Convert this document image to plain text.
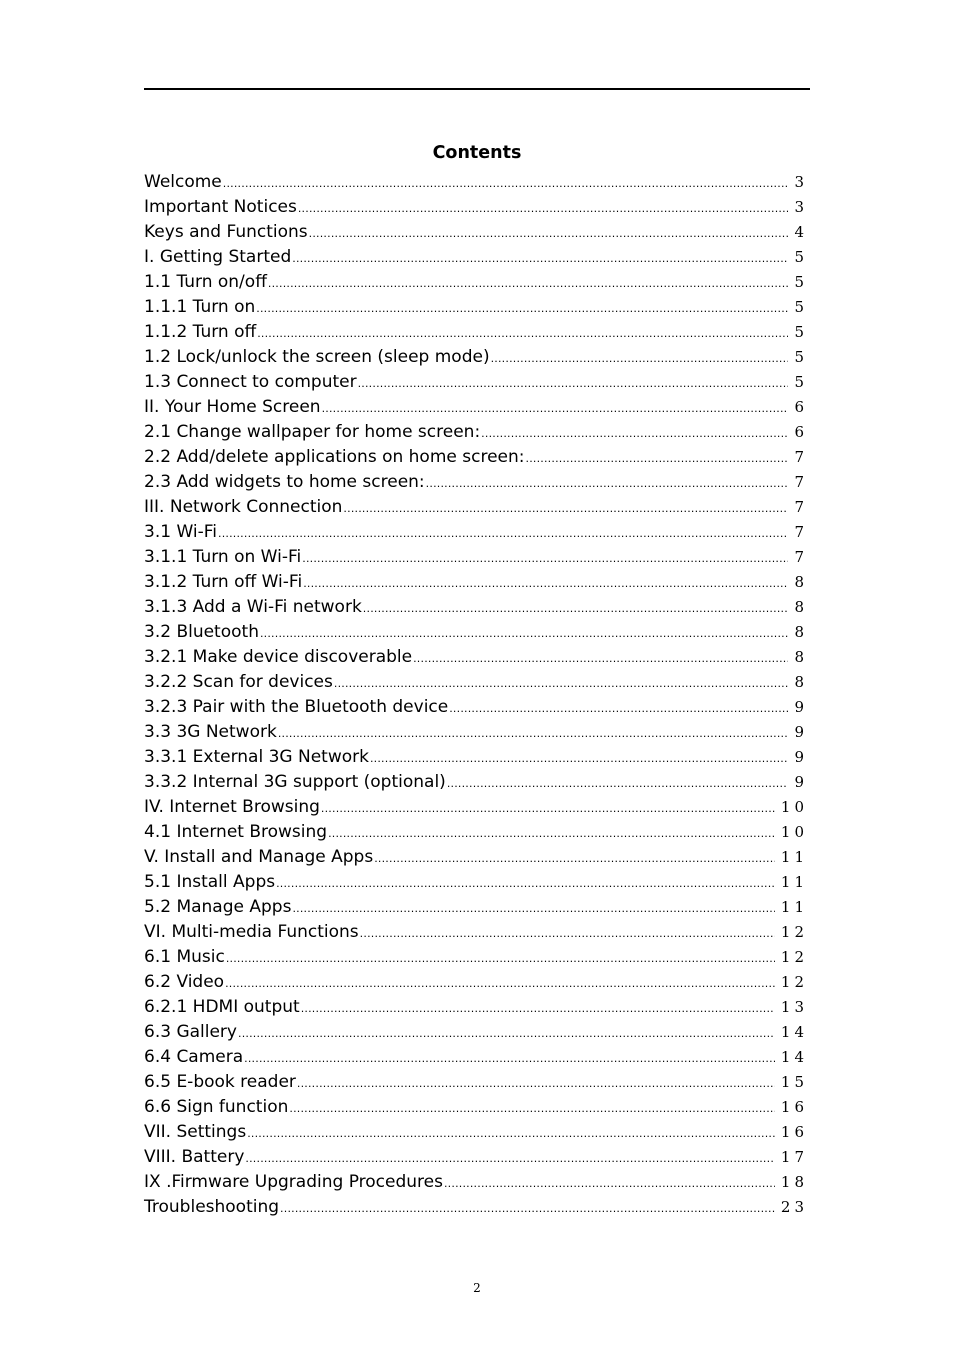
Contents
Welcome .....	3
Important Notices .....	3
Keys and Functions .....	4
I. Getting Started .....	5
1.1 Turn on/off .....	5
1.1.1 Turn on .....	5
1.1.2 Turn off .....	5
1.2 Lock/unlock the screen (sleep mode) .....	5
1.3 Connect to computer .....	5
II. Your Home Screen .....	6
2.1 Change wallpaper for home screen: .....	6
2.2 Add/delete applications on home screen: .....	7
2.3 Add widgets to home screen: .....	7
III. Network Connection .....	7
3.1 Wi-Fi .....	7
3.1.1 Turn on Wi-Fi .....	7
3.1.2 Turn off Wi-Fi .....	8
3.1.3 Add a Wi-Fi network .....	8
3.2 Bluetooth .....	8
3.2.1 Make device discoverable .....	8
3.2.2 Scan for devices .....	8
3.2.3 Pair with the Bluetooth device .....	9
3.3 3G Network .....	9
3.3.1 External 3G Network .....	9
3.3.2 Internal 3G support (optional) .....	9
IV. Internet Browsing .....	10
4.1 Internet Browsing .....	10
V. Install and Manage Apps .....	11
5.1 Install Apps .....	11
5.2 Manage Apps .....	11
VI. Multi-media Functions .....	12
6.1 Music .....	12
6.2 Video .....	12
6.2.1 HDMI output .....	13
6.3 Gallery .....	14
6.4 Camera .....	14
6.5 E-book reader .....	15
6.6 Sign function .....	16
VII. Settings .....	16
VIII. Battery .....	17
IX .Firmware Upgrading Procedures .....	18
Troubleshooting .....	23
2
